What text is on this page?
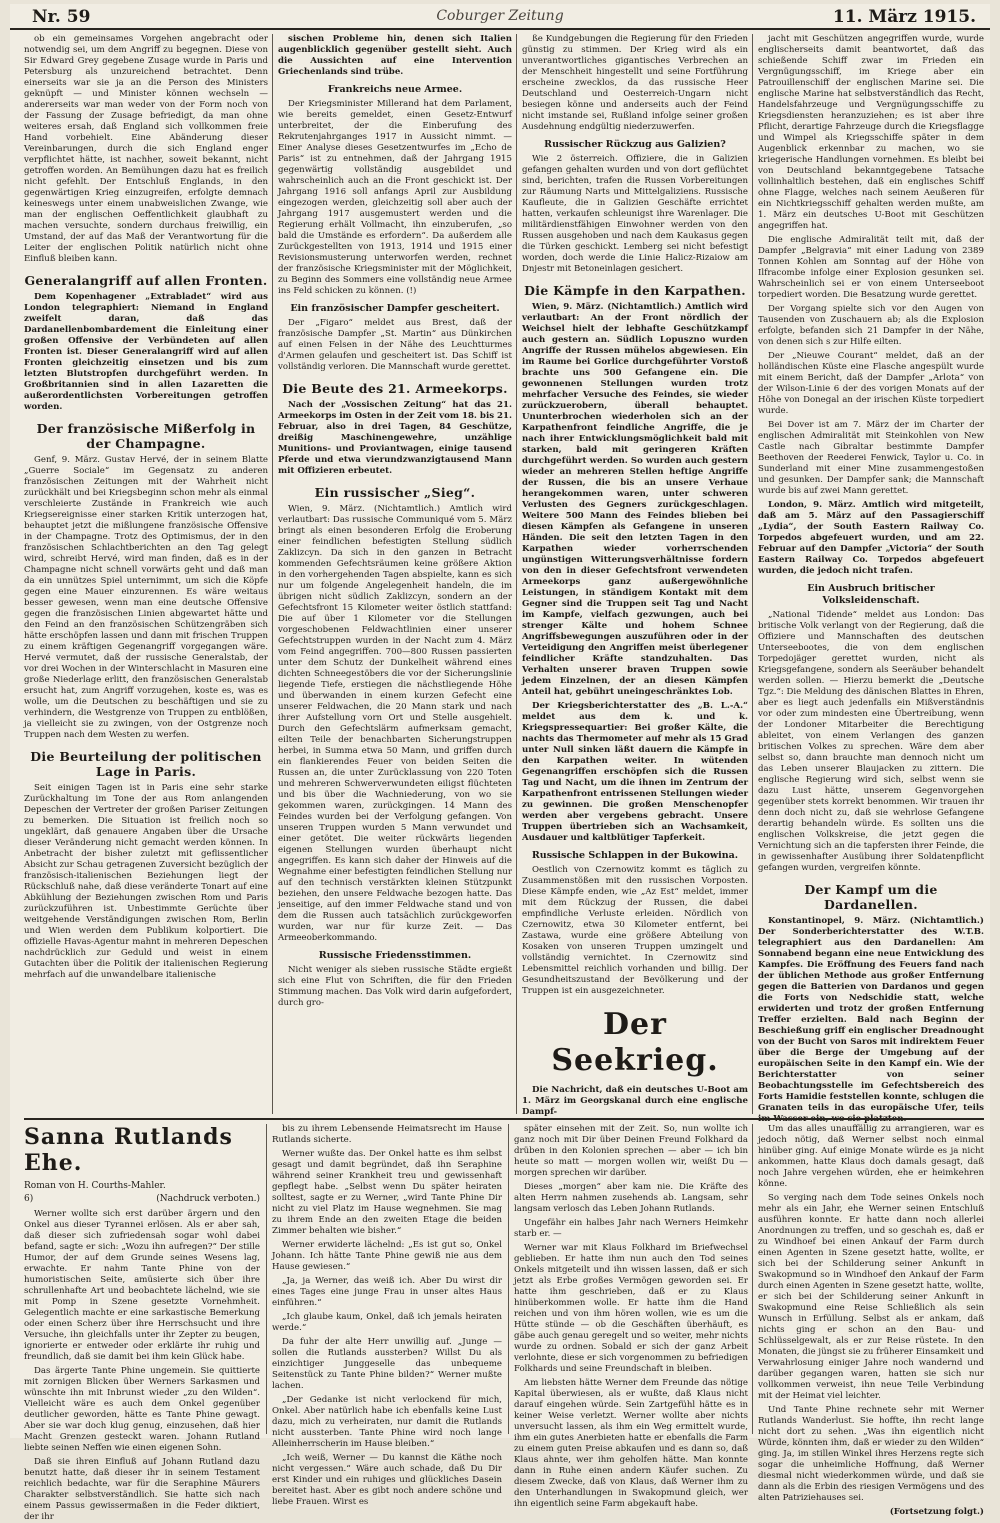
Nr. 59	Coburger Zeitung	11. März 1915.

ob ein gemeinsames Vorgehen angebracht oder notwendig sei, um dem Angriff zu begegnen. Diese von Sir Edward Grey gegebene Zusage wurde in Paris und Petersburg als unzureichend betrachtet. Denn einerseits war sie ja an die Person des Ministers geknüpft — und Minister können wechseln — andererseits war man weder von der Form noch von der Fassung der Zusage befriedigt, da man ohne weiteres ersah, daß England sich vollkommen freie Hand vorbehielt. Eine Abänderung dieser Vereinbarungen, durch die sich England enger verpflichtet hätte, ist nachher, soweit bekannt, nicht getroffen worden. An Bemühungen dazu hat es freilich nicht gefehlt. Der Entschluß Englands, in den gegenwärtigen Krieg einzugreifen, erfolgte demnach keineswegs unter einem unabweislichen Zwange, wie man der englischen Oeffentlichkeit glaubhaft zu machen versuchte, sondern durchaus freiwillig, ein Umstand, der auf das Maß der Verantwortung für die Leiter der englischen Politik natürlich nicht ohne Einfluß bleiben kann.

Generalangriff auf allen Fronten.

Dem Kopenhagener „Extrabladet“ wird aus London telegraphiert: Niemand in England zweifelt daran, daß das Dardanellenbombardement die Einleitung einer großen Offensive der Verbündeten auf allen Fronten ist. Dieser Generalangriff wird auf allen Fronten gleichzeitig einsetzen und bis zum letzten Blutstropfen durchgeführt werden. In Großbritannien sind in allen Lazaretten die außerordentlichsten Vorbereitungen getroffen worden.

Der französische Mißerfolg in der Champagne.

Genf, 9. März. Gustav Hervé, der in seinem Blatte „Guerre Sociale“ im Gegensatz zu anderen französischen Zeitungen mit der Wahrheit nicht zurückhält und bei Kriegsbeginn schon mehr als einmal verschleierte Zustände in Frankreich wie auch Kriegsereignisse einer starken Kritik unterzogen hat, behauptet jetzt die mißlungene französische Offensive in der Champagne. Trotz des Optimismus, der in den französischen Schlachtberichten an den Tag gelegt wird, schreibt Hervé, wird man finden, daß es in der Champagne nicht schnell vorwärts geht und daß man da ein unnützes Spiel unternimmt, um sich die Köpfe gegen eine Mauer einzurennen. Es wäre weitaus besser gewesen, wenn man eine deutsche Offensive gegen die französischen Linien abgewartet hätte und den Feind an den französischen Schützengräben sich hätte erschöpfen lassen und dann mit frischen Truppen zu einem kräftigen Gegenangriff vorgegangen wäre. Hervé vermutet, daß der russische Generalstab, der vor drei Wochen in der Winterschlacht in Masuren eine große Niederlage erlitt, den französischen Generalstab ersucht hat, zum Angriff vorzugehen, koste es, was es wolle, um die Deutschen zu beschäftigen und sie zu verhindern, die Westgrenze von Truppen zu entblößen, ja vielleicht sie zu zwingen, von der Ostgrenze noch Truppen nach dem Westen zu werfen.

Die Beurteilung der politischen Lage in Paris.

Seit einigen Tagen ist in Paris eine sehr starke Zurückhaltung im Tone der aus Rom anlangenden Depeschen der Vertreter der großen Pariser Zeitungen zu bemerken. Die Situation ist freilich noch so ungeklärt, daß genauere Angaben über die Ursache dieser Veränderung nicht gemacht werden können. In Anbetracht der bisher zuletzt mit geflissentlicher Absicht zur Schau getragenen Zuversicht bezüglich der französisch-italienischen Beziehungen liegt der Rückschluß nahe, daß diese veränderte Tonart auf eine Abkühlung der Beziehungen zwischen Rom und Paris zurückzuführen ist. Unbestimmte Gerüchte über weitgehende Verständigungen zwischen Rom, Berlin und Wien werden dem Publikum kolportiert. Die offizielle Havas-Agentur mahnt in mehreren Depeschen nachdrücklich zur Geduld und weist in einem Gutachten über die Politik der italienischen Regierung mehrfach auf die unwandelbare italienische

sischen Probleme hin, denen sich Italien augenblicklich gegenüber gestellt sieht. Auch die Aussichten auf eine Intervention Griechenlands sind trübe.

Frankreichs neue Armee.

Der Kriegsminister Millerand hat dem Parlament, wie bereits gemeldet, einen Gesetz-Entwurf unterbreitet, der die Einberufung des Rekrutenjahrganges 1917 in Aussicht nimmt. — Einer Analyse dieses Gesetzentwurfes im „Echo de Paris“ ist zu entnehmen, daß der Jahrgang 1915 gegenwärtig vollständig ausgebildet und wahrscheinlich auch an die Front geschickt ist. Der Jahrgang 1916 soll anfangs April zur Ausbildung eingezogen werden, gleichzeitig soll aber auch der Jahrgang 1917 ausgemustert werden und die Regierung erhält Vollmacht, ihn einzuberufen, „so bald die Umstände es erfordern“. Da außerdem alle Zurückgestellten von 1913, 1914 und 1915 einer Revisionsmusterung unterworfen werden, rechnet der französische Kriegsminister mit der Möglichkeit, zu Beginn des Sommers eine vollständig neue Armee ins Feld schicken zu können. (!)

Ein französischer Dampfer gescheitert.

Der „Figaro“ meldet aus Brest, daß der französische Dampfer „St. Martin“ aus Dünkirchen auf einen Felsen in der Nähe des Leuchtturmes d'Armen gelaufen und gescheitert ist. Das Schiff ist vollständig verloren. Die Mannschaft wurde gerettet.

Die Beute des 21. Armeekorps.

Nach der „Vossischen Zeitung“ hat das 21. Armeekorps im Osten in der Zeit vom 18. bis 21. Februar, also in drei Tagen, 84 Geschütze, dreißig Maschinengewehre, unzählige Munitions- und Proviantwagen, einige tausend Pferde und etwa vierundzwanzigtausend Mann mit Offizieren erbeutet.

Ein russischer „Sieg“.

Wien, 9. März. (Nichtamtlich.) Amtlich wird verlautbart: Das russische Communiqué vom 5. März bringt als einen besonderen Erfolg die Eroberung einer feindlichen befestigten Stellung südlich Zaklizcyn. Da sich in den ganzen in Betracht kommenden Gefechtsräumen keine größere Aktion in den vorhergehenden Tagen abspielte, kann es sich nur um folgende Angelegenheit handeln, die im übrigen nicht südlich Zaklizcyn, sondern an der Gefechtsfront 15 Kilometer weiter östlich stattfand: Die auf über 1 Kilometer vor die Stellungen vorgeschobenen Feldwachtlinien einer unserer Gefechtstruppen wurden in der Nacht zum 4. März vom Feind angegriffen. 700—800 Russen passierten unter dem Schutz der Dunkelheit während eines dichten Schneegestöbers die vor der Sicherungslinie liegende Tiefe, erstiegen die nächstliegende Höhe und überwanden in einem kurzen Gefecht eine unserer Feldwachen, die 20 Mann stark und nach ihrer Aufstellung vorn Ort und Stelle ausgehielt. Durch den Gefechtslärm aufmerksam gemacht, eilten Teile der benachbarten Sicherungstruppen herbei, in Summa etwa 50 Mann, und griffen durch ein flankierendes Feuer von beiden Seiten die Russen an, die unter Zurücklassung von 220 Toten und mehreren Schwerverwundeten eiligst flüchteten und bis über die Wachniederung, von wo sie gekommen waren, zurückgingen. 14 Mann des Feindes wurden bei der Verfolgung gefangen. Von unseren Truppen wurden 5 Mann verwundet und einer getötet. Die weiter rückwärts liegenden eigenen Stellungen wurden überhaupt nicht angegriffen. Es kann sich daher der Hinweis auf die Wegnahme einer befestigten feindlichen Stellung nur auf den technisch verstärkten kleinen Stützpunkt beziehen, den unsere Feldwache bezogen hatte. Das jenseitige, auf den immer Feldwache stand und von dem die Russen auch tatsächlich zurückgeworfen wurden, war nur für kurze Zeit. — Das Armeeoberkommando.

Russische Friedensstimmen.

Nicht weniger als sieben russische Städte ergießt sich eine Flut von Schriften, die für den Frieden Stimmung machen. Das Volk wird darin aufgefordert, durch gro-

ße Kundgebungen die Regierung für den Frieden günstig zu stimmen. Der Krieg wird als ein unverantwortliches gigantisches Verbrechen an der Menschheit hingestellt und seine Fortführung erscheine zwecklos, da das russische Heer Deutschland und Oesterreich-Ungarn nicht besiegen könne und anderseits auch der Feind nicht imstande sei, Rußland infolge seiner großen Ausdehnung endgültig niederzuwerfen.

Russischer Rückzug aus Galizien?

Wie 2 österreich. Offiziere, die in Galizien gefangen gehalten wurden und von dort geflüchtet sind, berichten, trafen die Russen Vorbereitungen zur Räumung Narts und Mittelgaliziens. Russische Kaufleute, die in Galizien Geschäfte errichtet hatten, verkaufen schleunigst ihre Warenlager. Die militärdienstfähigen Einwohner werden von den Russen ausgehoben und nach dem Kaukasus gegen die Türken geschickt. Lemberg sei nicht befestigt worden, doch werde die Linie Halicz-Rizaiow am Dnjestr mit Betoneinlagen gesichert.

Die Kämpfe in den Karpathen.

Wien, 9. März. (Nichtamtlich.) Amtlich wird verlautbart: An der Front nördlich der Weichsel hielt der lebhafte Geschützkampf auch gestern an. Südlich Lopuszno wurden Angriffe der Russen mühelos abgewiesen. Ein im Raume bei Gorlice durchgeführter Vorstoß brachte uns 500 Gefangene ein. Die gewonnenen Stellungen wurden trotz mehrfacher Versuche des Feindes, sie wieder zurückzuerobern, überall behauptet. Ununterbrochen wiederholen sich an der Karpathenfront feindliche Angriffe, die je nach ihrer Entwicklungsmöglichkeit bald mit starken, bald mit geringeren Kräften durchgeführt werden. So wurden auch gestern wieder an mehreren Stellen heftige Angriffe der Russen, die bis an unsere Verhaue herangekommen waren, unter schweren Verlusten des Gegners zurückgeschlagen. Weitere 500 Mann des Feindes blieben bei diesen Kämpfen als Gefangene in unseren Händen. Die seit den letzten Tagen in den Karpathen wieder vorherrschenden ungünstigen Witterungsverhältnisse fordern von den in dieser Gefechtsfront verwendeten Armeekorps ganz außergewöhnliche Leistungen, in ständigem Kontakt mit dem Gegner sind die Truppen seit Tag und Nacht im Kampfe, vielfach gezwungen, auch bei strenger Kälte und hohem Schnee Angriffsbewegungen auszuführen oder in der Verteidigung den Angriffen meist überlegener feindlicher Kräfte standzuhalten. Das Verhalten unserer braven Truppen sowie jedem Einzelnen, der an diesen Kämpfen Anteil hat, gebührt uneingeschränktes Lob.

Der Kriegsberichterstatter des „B. L.-A.“ meldet aus dem k. und k. Kriegspressequartier: Bei großer Kälte, die nachts das Thermometer auf mehr als 15 Grad unter Null sinken läßt dauern die Kämpfe in den Karpathen weiter. In wütenden Gegenangriffen erschöpfen sich die Russen Tag und Nacht, um die ihnen im Zentrum der Karpathenfront entrissenen Stellungen wieder zu gewinnen. Die großen Menschenopfer werden aber vergebens gebracht. Unsere Truppen übertrieben sich an Wachsamkeit, Ausdauer und kaltblütiger Tapferkeit.

Russische Schlappen in der Bukowina.

Oestlich von Czernowitz kommt es täglich zu Zusammenstößen mit den russischen Vorposten. Diese Kämpfe enden, wie „Az Est“ meldet, immer mit dem Rückzug der Russen, die dabei empfindliche Verluste erleiden. Nördlich von Czernowitz, etwa 30 Kilometer entfernt, bei Zastawa, wurde eine größere Abteilung von Kosaken von unseren Truppen umzingelt und vollständig vernichtet. In Czernowitz sind Lebensmittel reichlich vorhanden und billig. Der Gesundheitszustand der Bevölkerung und der Truppen ist ein ausgezeichneter.

Der Seekrieg.

Die Nachricht, daß ein deutsches U-Boot am 1. März im Georgskanal durch eine englische Dampf-

jacht mit Geschützen angegriffen wurde, wurde englischerseits damit beantwortet, daß das schießende Schiff zwar im Frieden ein Vergnügungsschiff, im Kriege aber ein Patrouillenschiff der englischen Marine sei. Die englische Marine hat selbstverständlich das Recht, Handelsfahrzeuge und Vergnügungsschiffe zu Kriegsdiensten heranzuziehen; es ist aber ihre Pflicht, derartige Fahrzeuge durch die Kriegsflagge und Wimpel als Kriegsschiffe später in dem Augenblick erkennbar zu machen, wo sie kriegerische Handlungen vornehmen. Es bleibt bei von Deutschland bekanntgegebene Tatsache vollinhaltlich bestehen, daß ein englisches Schiff ohne Flagge, welches nach seinem Aeußeren für ein Nichtkriegsschiff gehalten werden mußte, am 1. März ein deutsches U-Boot mit Geschützen angegriffen hat.

Die englische Admiralität teilt mit, daß der Dampfer „Belgravia“ mit einer Ladung von 2389 Tonnen Kohlen am Sonntag auf der Höhe von Ilfracombe infolge einer Explosion gesunken sei. Wahrscheinlich sei er von einem Unterseeboot torpediert worden. Die Besatzung wurde gerettet.

Der Vorgang spielte sich vor den Augen von Tausenden von Zuschauern ab; als die Explosion erfolgte, befanden sich 21 Dampfer in der Nähe, von denen sich s zur Hilfe eilten.

Der „Nieuwe Courant“ meldet, daß an der holländischen Küste eine Flasche angespült wurde mit einem Bericht, daß der Dampfer „Arlota“ von der Wilson-Linie 6 der des vorigen Monats auf der Höhe von Donegal an der irischen Küste torpediert wurde.

Bei Dover ist am 7. März der im Charter der englischen Admiralität mit Steinkohlen von New Castle nach Gibraltar bestimmte Dampfer Beethoven der Reederei Fenwick, Taylor u. Co. in Sunderland mit einer Mine zusammengestoßen und gesunken. Der Dampfer sank; die Mannschaft wurde bis auf zwei Mann gerettet.

London, 9. März. Amtlich wird mitgeteilt, daß am 5. März auf den Passagierschiff „Lydia“, der South Eastern Railway Co. Torpedos abgefeuert wurden, und am 22. Februar auf den Dampfer „Victoria“ der South Eastern Railway Co. Torpedos abgefeuert wurden, die jedoch nicht trafen.

Ein Ausbruch britischer Volksleidenschaft.

„National Tidende“ meldet aus London: Das britische Volk verlangt von der Regierung, daß die Offiziere und Mannschaften des deutschen Unterseebootes, die von dem englischen Torpedojäger gerettet wurden, nicht als Kriegsgefangene, sondern als Seeräuber behandelt werden sollen. — Hierzu bemerkt die „Deutsche Tgz.“: Die Meldung des dänischen Blattes in Ehren, aber es liegt auch jedenfalls ein Mißverständnis vor oder zum mindesten eine Übertreibung, wenn der Londoner Mitarbeiter die Berechtigung ableitet, von einem Verlangen des ganzen britischen Volkes zu sprechen. Wäre dem aber selbst so, dann brauchte man dennoch nicht um das Leben unserer Blaujacken zu zittern. Die englische Regierung wird sich, selbst wenn sie dazu Lust hätte, unserem Gegenvorgehen gegenüber stets korrekt benommen. Wir trauen ihr denn doch nicht zu, daß sie wehrlose Gefangene derartig behandeln würde. Es sollten uns die englischen Volkskreise, die jetzt gegen die Vernichtung sich an die tapfersten ihrer Feinde, die in gewissenhafter Ausübung ihrer Soldatenpflicht gefangen wurden, vergreifen könnte.

Der Kampf um die Dardanellen.

Konstantinopel, 9. März. (Nichtamtlich.) Der Sonderberichterstatter des W.T.B. telegraphiert aus den Dardanellen: Am Sonnabend begann eine neue Entwicklung des Kampfes. Die Eröffnung des Feuers fand nach der üblichen Methode aus großer Entfernung gegen die Batterien von Dardanos und gegen die Forts von Nedschidie statt, welche erwiderten und trotz der großen Entfernung Treffer erzielten. Bald nach Beginn der Beschießung griff ein englischer Dreadnought von der Bucht von Saros mit indirektem Feuer über die Berge der Umgebung auf der europäischen Seite in den Kampf ein. Wie der Berichterstatter von seiner Beobachtungsstelle im Gefechtsbereich des Forts Hamidie feststellen konnte, schlugen die Granaten teils in das europäische Ufer, teils

Sanna Rutlands Ehe.
Roman von H. Courths-Mahler.
6)	(Nachdruck verboten.)

Werner wollte sich erst darüber ärgern und den Onkel aus dieser Tyrannei erlösen. Als er aber sah, daß dieser sich zufriedensah sogar wohl dabei befand, sagte er sich: „Wozu ihn aufregen?“ Der stille Humor, der auf dem Grunde seines Wesens lag, erwachte. Er nahm Tante Phine von der humoristischen Seite, amüsierte sich über ihre schrullenhafte Art und beobachtete lächelnd, wie sie mit Pomp in Szene gesetzte Vornehmheit. Gelegentlich machte er eine sarkastische Bemerkung oder einen Scherz über ihre Herrschsucht und ihre Versuche, ihn gleichfalls unter ihr Zepter zu beugen, ignorierte er entweder oder erklärte ihr ruhig und freundlich, daß sie damit bei ihm kein Glück habe.

Das ärgerte Tante Phine ungemein. Sie quittierte mit zornigen Blicken über Werners Sarkasmen und wünschte ihn mit Inbrunst wieder „zu den Wilden“. Vielleicht wäre es auch dem Onkel gegenüber deutlicher geworden, hätte es Tante Phine gewagt. Aber sie war doch klug genug, einzusehen, daß hier Macht Grenzen gesteckt waren. Johann Rutland liebte seinen Neffen wie einen eigenen Sohn.

Daß sie ihren Einfluß auf Johann Rutland dazu benutzt hatte, daß dieser ihr in seinem Testament reichlich bedachte, war für die Seraphine Mäurers Charakter selbstverständlich. Sie hatte sich nach einem Passus gewissermaßen in die Feder diktiert, der ihr

bis zu ihrem Lebensende Heimatsrecht im Hause Rutlands sicherte.

Werner wußte das. Der Onkel hatte es ihm selbst gesagt und damit begründet, daß ihn Seraphine während seiner Krankheit treu und gewissenhaft gepflegt habe. „Selbst wenn Du später heiraten solltest, sagte er zu Werner, „wird Tante Phine Dir nicht zu viel Platz im Hause wegnehmen. Sie mag zu ihrem Ende an den zweiten Etage die beiden Zimmer behalten wie bisher.“

Werner erwiderte lächelnd: „Es ist gut so, Onkel Johann. Ich hätte Tante Phine gewiß nie aus dem Hause gewiesen.“

„Ja, ja Werner, das weiß ich. Aber Du wirst dir eines Tages eine junge Frau in unser altes Haus einführen.“

„Ich glaube kaum, Onkel, daß ich jemals heiraten werde.“

Da fuhr der alte Herr unwillig auf. „Junge — sollen die Rutlands aussterben? Willst Du als einzichtiger Junggeselle das unbequeme Seitenstück zu Tante Phine bilden?“ Werner mußte lachen.

„Der Gedanke ist nicht verlockend für mich, Onkel. Aber natürlich habe ich ebenfalls keine Lust dazu, mich zu verheiraten, nur damit die Rutlands nicht aussterben. Tante Phine wird noch lange Alleinherrscherin im Hause bleiben.“

„Ich weiß, Werner — Du kannst die Käthe noch nicht vergessen.“ Wäre auch schade, daß Du Dir erst Kinder und ein ruhiges und glückliches Dasein bereitet hast. Aber es gibt noch andere schöne und liebe Frauen. Wirst es

später einsehen mit der Zeit. So, nun wollte ich ganz noch mit Dir über Deinen Freund Folkhard da drüben in den Kolonien sprechen — aber — ich bin heute so matt — morgen wollen wir, weißt Du — morgen sprechen wir darüber.

Dieses „morgen“ aber kam nie. Die Kräfte des alten Herrn nahmen zusehends ab. Langsam, sehr langsam verlosch das Leben Johann Rutlands.

Ungefähr ein halbes Jahr nach Werners Heimkehr starb er. —

Werner war mit Klaus Folkhard im Briefwechsel geblieben. Er hatte ihm nun auch den Tod seines Onkels mitgeteilt und ihn wissen lassen, daß er sich jetzt als Erbe großes Vermögen geworden sei. Er hatte ihm geschrieben, daß er zu Klaus hinüberkommen wolle. Er hatte ihm die Hand reichen und von ihm hören wollen, wie es um die Hütte stünde — ob die Geschäften überhäuft, es gäbe auch genau geregelt und so weiter, mehr nichts wurde zu ordnen. Sobald er sich der ganz Arbeit verlohnte, diese er sich vorgenommen zu befriedigen Folkhards und seine Freundschaft in bleiben.

Am liebsten hätte Werner dem Freunde das nötige Kapital überwiesen, als er wußte, daß Klaus nicht darauf eingehen würde. Sein Zartgefühl hätte es in keiner Weise verletzt. Werner wollte aber nichts unversucht lassen, als ihm ein Weg ermittelt wurde, ihm ein gutes Anerbieten hatte er ebenfalls die Farm zu einem guten Preise abkaufen und es dann so, daß Klaus ahnte, wer ihm geholfen hätte. Man konnte dann in Ruhe einen andern Käufer suchen. Zu diesem Zwecke, daß von Klaus, daß Werner ihm zu den Unterhandlungen in Swakopmund gleich, wer ihn eigentlich seine Farm abgekauft habe.

Um das alles unauffällig zu arrangieren, war es jedoch nötig, daß Werner selbst noch einmal hinüber ging. Auf einige Monate würde es ja nicht ankommen, hatte Klaus doch damals gesagt, daß noch Jahre vergehen würden, ehe er heimkehren könne.

So verging nach dem Tode seines Onkels noch mehr als ein Jahr, ehe Werner seinen Entschluß ausführen konnte. Er hatte dann noch allerlei Anordnungen zu treffen, und so geschah es, daß er zu Windhoef bei einen Ankauf der Farm durch einen Agenten in Szene gesetzt hatte, wollte, er sich bei der Schilderung seiner Ankunft in Swakopmund so in Windhoef den Ankauf der Farm durch einen Agenten in Szene gesetzt hatte, wollte, er sich bei der Schilderung seiner Ankunft in Swakopmund eine Reise Schließlich als sein Wunsch in Erfüllung. Selbst als er ankam, daß nichts ging er schon an den Bau- und Schlüsselgewalt, als er zur Reise rüstete. In den Monaten, die jüngst sie zu früherer Einsamkeit und Verwahrlosung einiger Jahre noch wandernd und darüber gegangen waren, hatten sie sich nur vollkommen verweist, ihn neue Teile Verbindung mit der Heimat viel leichter.

Und Tante Phine rechnete sehr mit Werner Rutlands Wanderlust. Sie hoffte, ihn recht lange nicht dort zu sehen. „Was ihn eigentlich nicht Würde, könnten ihm, daß er wieder zu den Wilden“ ging. Ja, im stillen Winkel ihres Herzens regte sich sogar die unheimliche Hoffnung, daß Werner diesmal nicht wiederkommen würde, und daß sie dann als die Erbin des riesigen Vermögens und des alten Patriziehauses sei.

(Fortsetzung folgt.)
